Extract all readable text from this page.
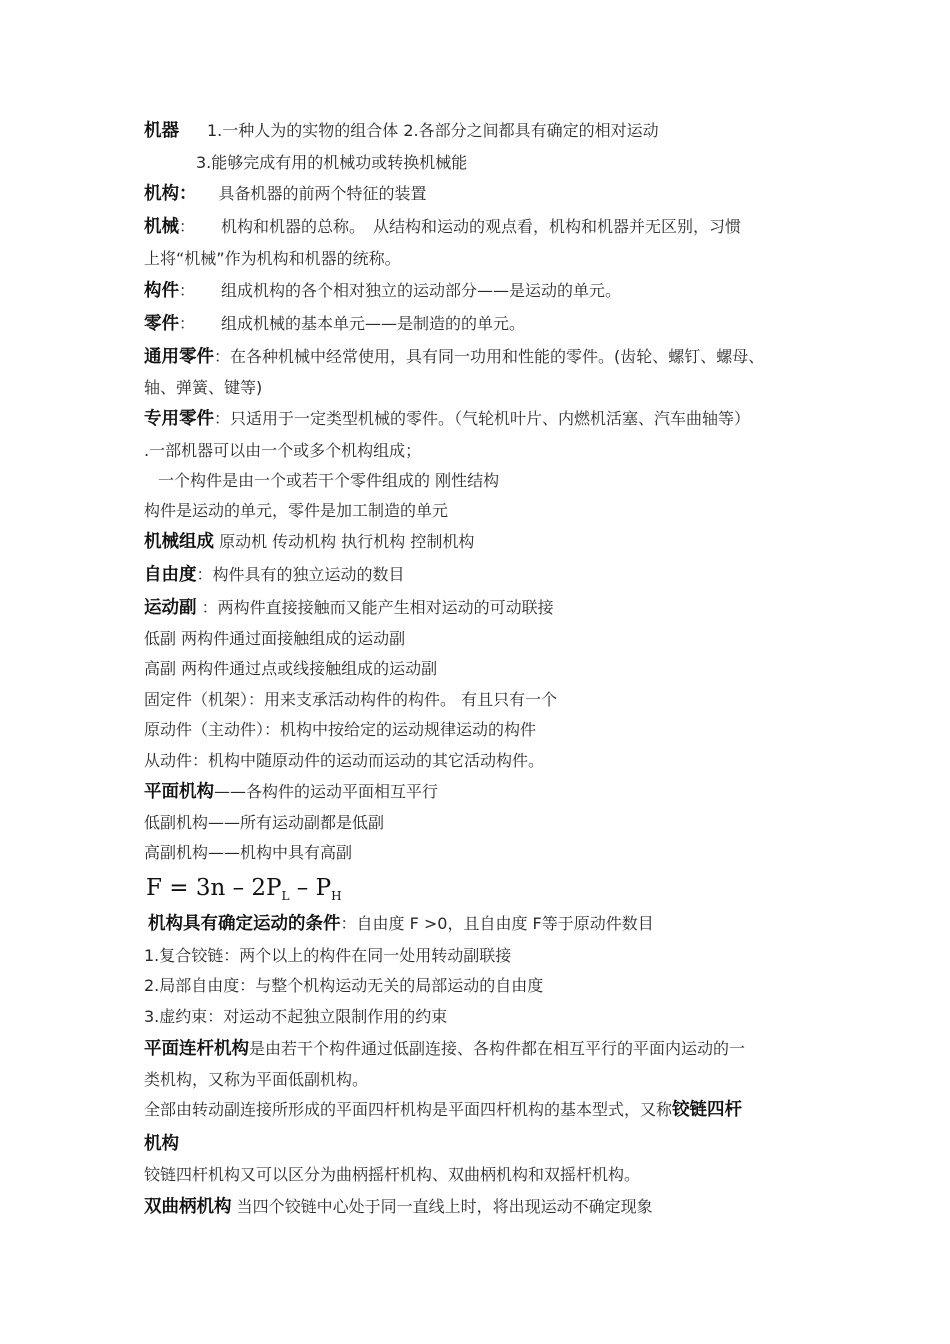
机器 1.一种人为的实物的组合体 2.各部分之间都具有确定的相对运动
3.能够完成有用的机械功或转换机械能
机构： 具备机器的前两个特征的装置
机械： 机构和机器的总称。　从结构和运动的观点看，机构和机器并无区别，习惯
上将“机械”作为机构和机器的统称。
构件： 组成机构的各个相对独立的运动部分——是运动的单元。
零件： 组成机械的基本单元——是制造的的单元。
通用零件：在各种机械中经常使用，具有同一功用和性能的零件。(齿轮、螺钉、螺母、
轴、弹簧、键等)
专用零件：只适用于一定类型机械的零件。（气轮机叶片、内燃机活塞、汽车曲轴等）
.一部机器可以由一个或多个机构组成；
一个构件是由一个或若干个零件组成的 刚性结构
构件是运动的单元，零件是加工制造的单元
机械组成 原动机 传动机构 执行机构 控制机构
自由度：构件具有的独立运动的数目
运动副 ：两构件直接接触而又能产生相对运动的可动联接
低副 两构件通过面接触组成的运动副
高副 两构件通过点或线接触组成的运动副
固定件（机架）：用来支承活动构件的构件。 有且只有一个
原动件（主动件）：机构中按给定的运动规律运动的构件
从动件：机构中随原动件的运动而运动的其它活动构件。
平面机构——各构件的运动平面相互平行
低副机构——所有运动副都是低副
高副机构——机构中具有高副
$F = 3n - 2P_L - P_H$
机构具有确定运动的条件：自由度 F >0，且自由度 F等于原动件数目
1.复合铰链：两个以上的构件在同一处用转动副联接
2.局部自由度：与整个机构运动无关的局部运动的自由度
3.虚约束：对运动不起独立限制作用的约束
平面连杆机构是由若干个构件通过低副连接、各构件都在相互平行的平面内运动的一
类机构，又称为平面低副机构。
全部由转动副连接所形成的平面四杆机构是平面四杆机构的基本型式，又称铰链四杆
机构
铰链四杆机构又可以区分为曲柄摇杆机构、双曲柄机构和双摇杆机构。
双曲柄机构 当四个铰链中心处于同一直线上时，将出现运动不确定现象
